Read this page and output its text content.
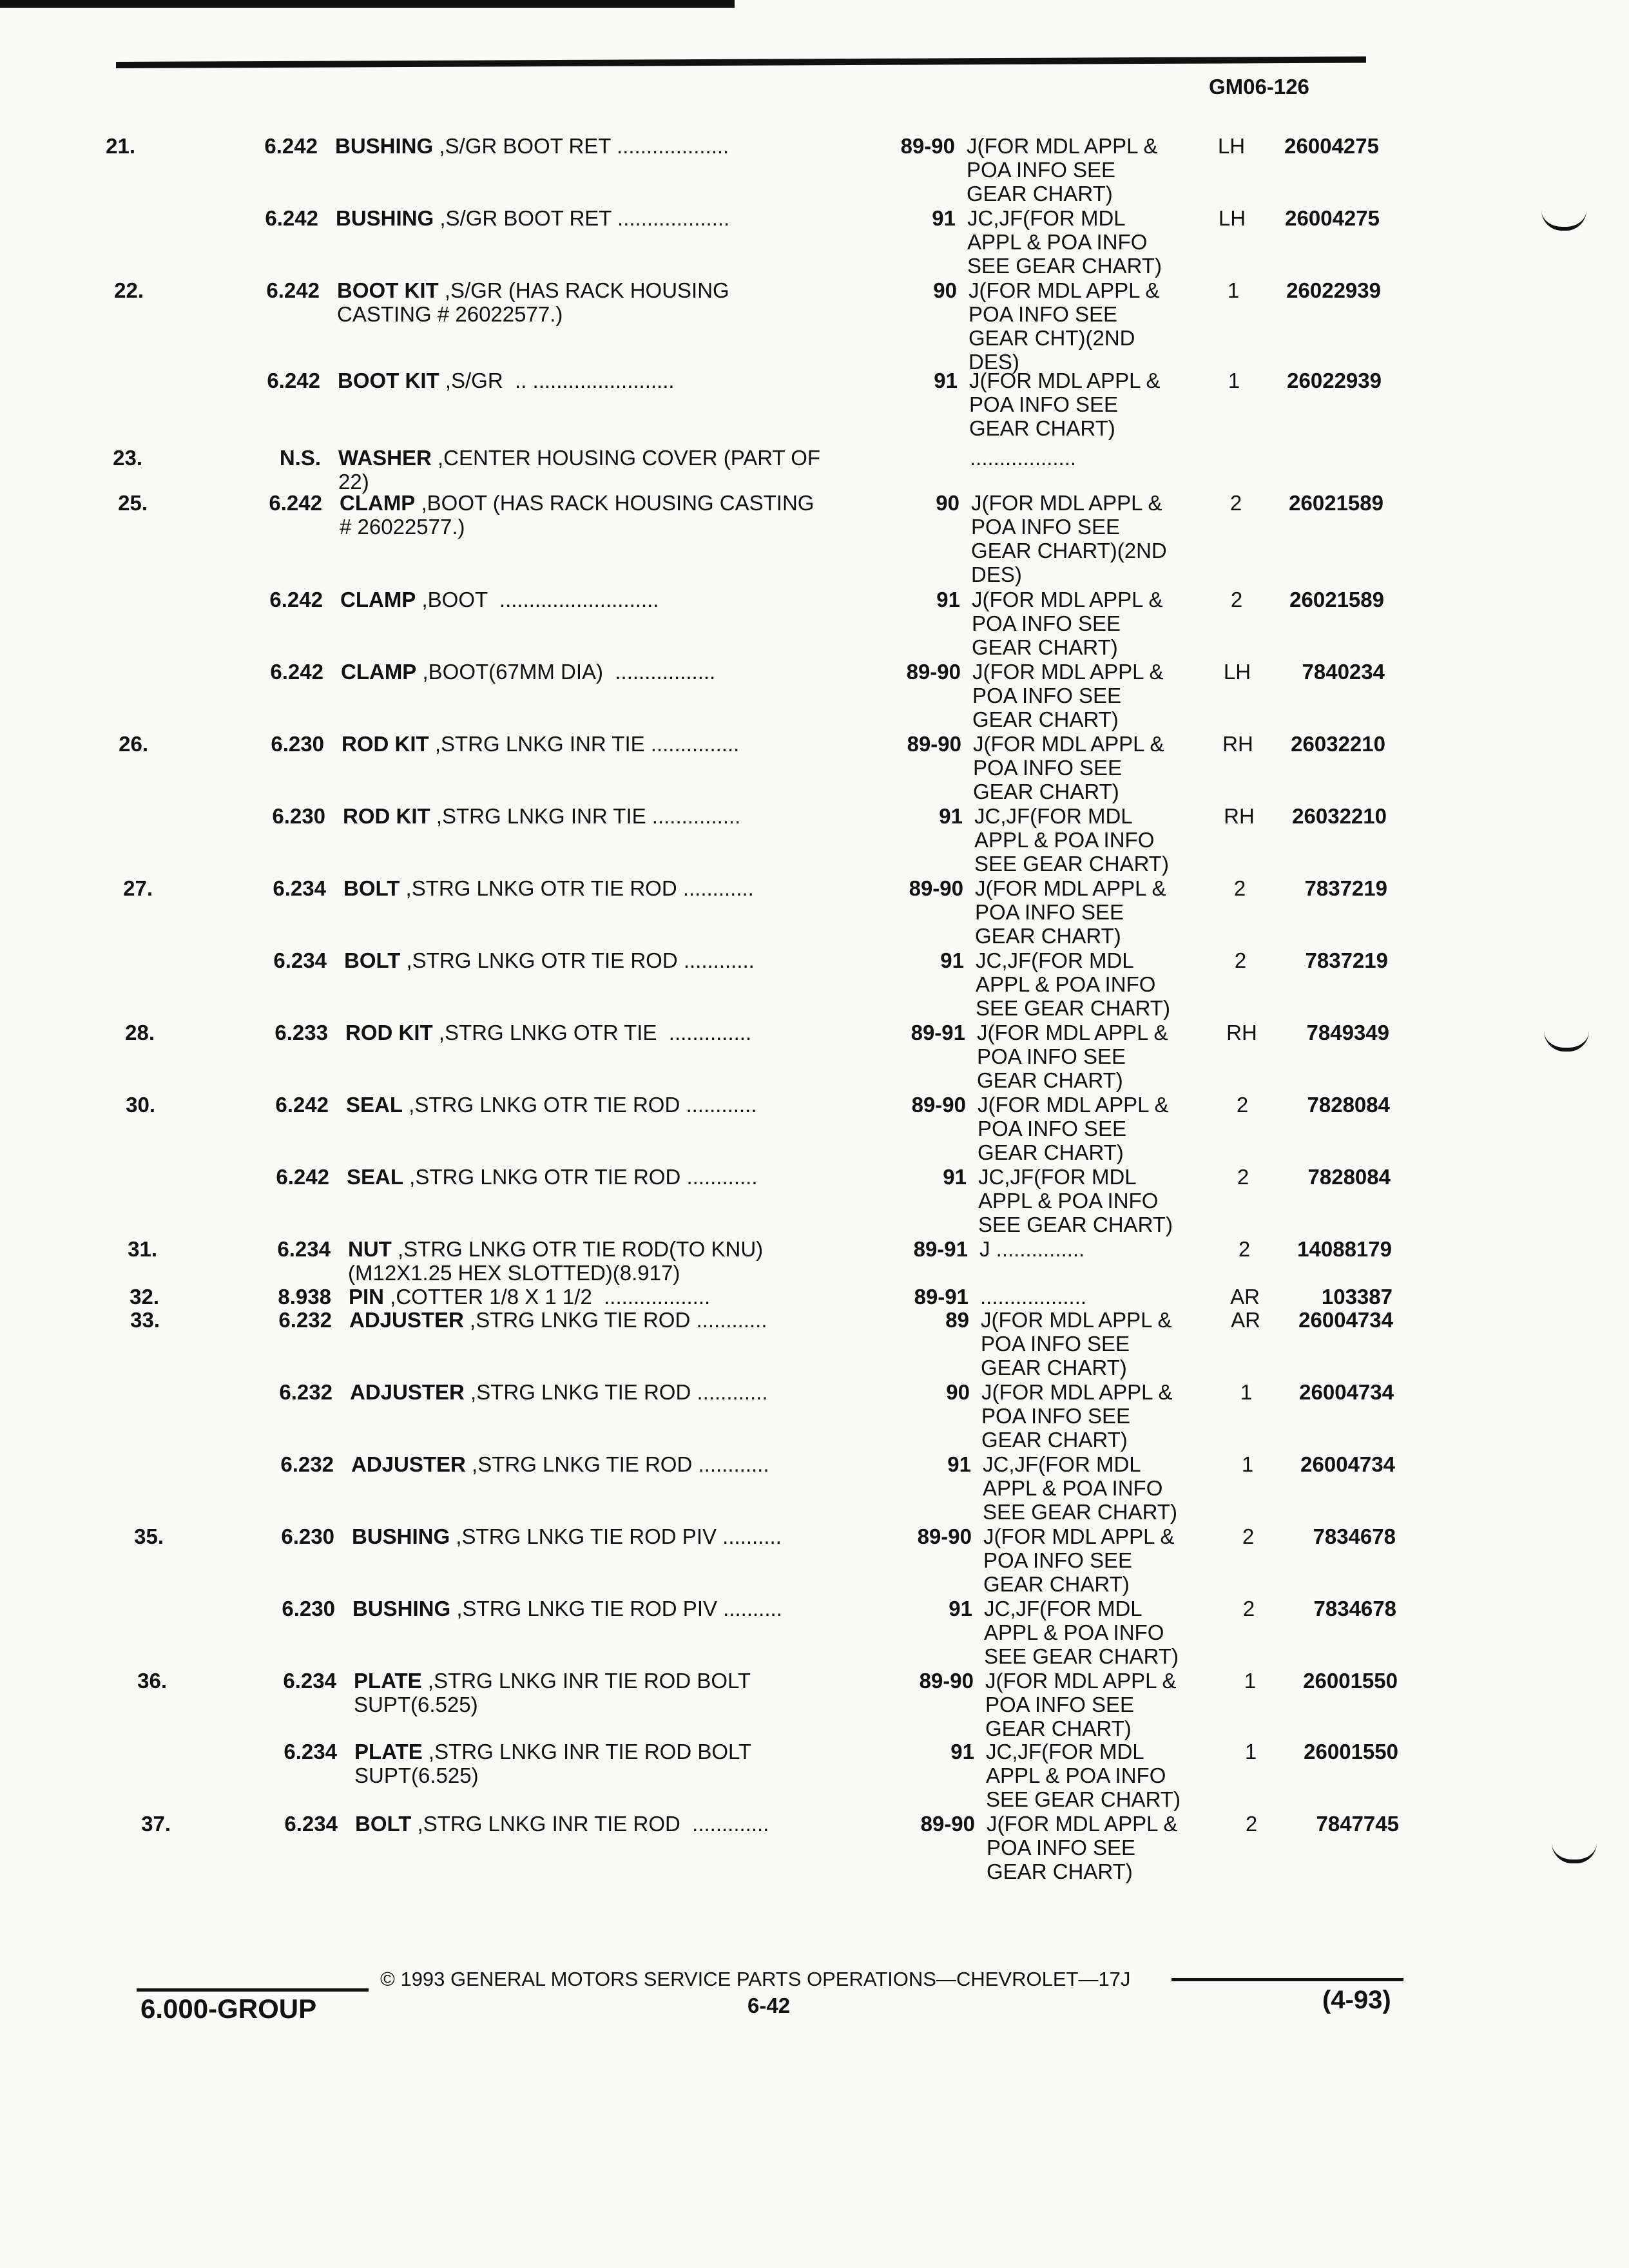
GM06-126
21.	6.242 BUSHING ,S/GR BOOT RET ...................	89-90 J(FOR MDL APPL &
POA INFO SEE
GEAR CHART)
LH	26004275
6.242 BUSHING ,S/GR BOOT RET ...................	91 JC,JF(FOR MDL
APPL & POA INFO
SEE GEAR CHART)
LH	26004275
22.	6.242 BOOT KIT ,S/GR (HAS RACK HOUSING
CASTING # 26022577.)
90 J(FOR MDL APPL &
POA INFO SEE
GEAR CHT)(2ND
DES)
1	26022939
6.242 BOOT KIT ,S/GR  .. ........................	91 J(FOR MDL APPL &
POA INFO SEE
GEAR CHART)
1	26022939
23.	N.S. WASHER ,CENTER HOUSING COVER (PART OF
22)
..................
25.	6.242 CLAMP ,BOOT (HAS RACK HOUSING CASTING
# 26022577.)
90 J(FOR MDL APPL &
POA INFO SEE
GEAR CHART)(2ND
DES)
2	26021589
6.242 CLAMP ,BOOT  ...........................	91 J(FOR MDL APPL &
POA INFO SEE
GEAR CHART)
2	26021589
6.242 CLAMP ,BOOT(67MM DIA)  .................	89-90 J(FOR MDL APPL &
POA INFO SEE
GEAR CHART)
LH	7840234
26.	6.230 ROD KIT ,STRG LNKG INR TIE ...............	89-90 J(FOR MDL APPL &
POA INFO SEE
GEAR CHART)
RH	26032210
6.230 ROD KIT ,STRG LNKG INR TIE ...............	91 JC,JF(FOR MDL
APPL & POA INFO
SEE GEAR CHART)
RH	26032210
27.	6.234 BOLT ,STRG LNKG OTR TIE ROD ............	89-90 J(FOR MDL APPL &
POA INFO SEE
GEAR CHART)
2	7837219
6.234 BOLT ,STRG LNKG OTR TIE ROD ............	91 JC,JF(FOR MDL
APPL & POA INFO
SEE GEAR CHART)
2	7837219
28.	6.233 ROD KIT ,STRG LNKG OTR TIE  ..............	89-91 J(FOR MDL APPL &
POA INFO SEE
GEAR CHART)
RH	7849349
30.	6.242 SEAL ,STRG LNKG OTR TIE ROD ............	89-90 J(FOR MDL APPL &
POA INFO SEE
GEAR CHART)
2	7828084
6.242 SEAL ,STRG LNKG OTR TIE ROD ............	91 JC,JF(FOR MDL
APPL & POA INFO
SEE GEAR CHART)
2	7828084
31.	6.234 NUT ,STRG LNKG OTR TIE ROD(TO KNU)
(M12X1.25 HEX SLOTTED)(8.917)
89-91 J ...............	2	14088179
32.	8.938 PIN ,COTTER 1/8 X 1 1/2  ..................	89-91 ..................	AR	103387
33.	6.232 ADJUSTER ,STRG LNKG TIE ROD ............	89 J(FOR MDL APPL &
POA INFO SEE
GEAR CHART)
AR	26004734
6.232 ADJUSTER ,STRG LNKG TIE ROD ............	90 J(FOR MDL APPL &
POA INFO SEE
GEAR CHART)
1	26004734
6.232 ADJUSTER ,STRG LNKG TIE ROD ............	91 JC,JF(FOR MDL
APPL & POA INFO
SEE GEAR CHART)
1	26004734
35.	6.230 BUSHING ,STRG LNKG TIE ROD PIV ..........	89-90 J(FOR MDL APPL &
POA INFO SEE
GEAR CHART)
2	7834678
6.230 BUSHING ,STRG LNKG TIE ROD PIV ..........	91 JC,JF(FOR MDL
APPL & POA INFO
SEE GEAR CHART)
2	7834678
36.	6.234 PLATE ,STRG LNKG INR TIE ROD BOLT
SUPT(6.525)
89-90 J(FOR MDL APPL &
POA INFO SEE
GEAR CHART)
1	26001550
6.234 PLATE ,STRG LNKG INR TIE ROD BOLT
SUPT(6.525)
91 JC,JF(FOR MDL
APPL & POA INFO
SEE GEAR CHART)
1	26001550
37.	6.234 BOLT ,STRG LNKG INR TIE ROD  .............	89-90 J(FOR MDL APPL &
POA INFO SEE
GEAR CHART)
2	7847745
© 1993 GENERAL MOTORS SERVICE PARTS OPERATIONS—CHEVROLET—17J
6.000-GROUP	6-42	(4-93)
